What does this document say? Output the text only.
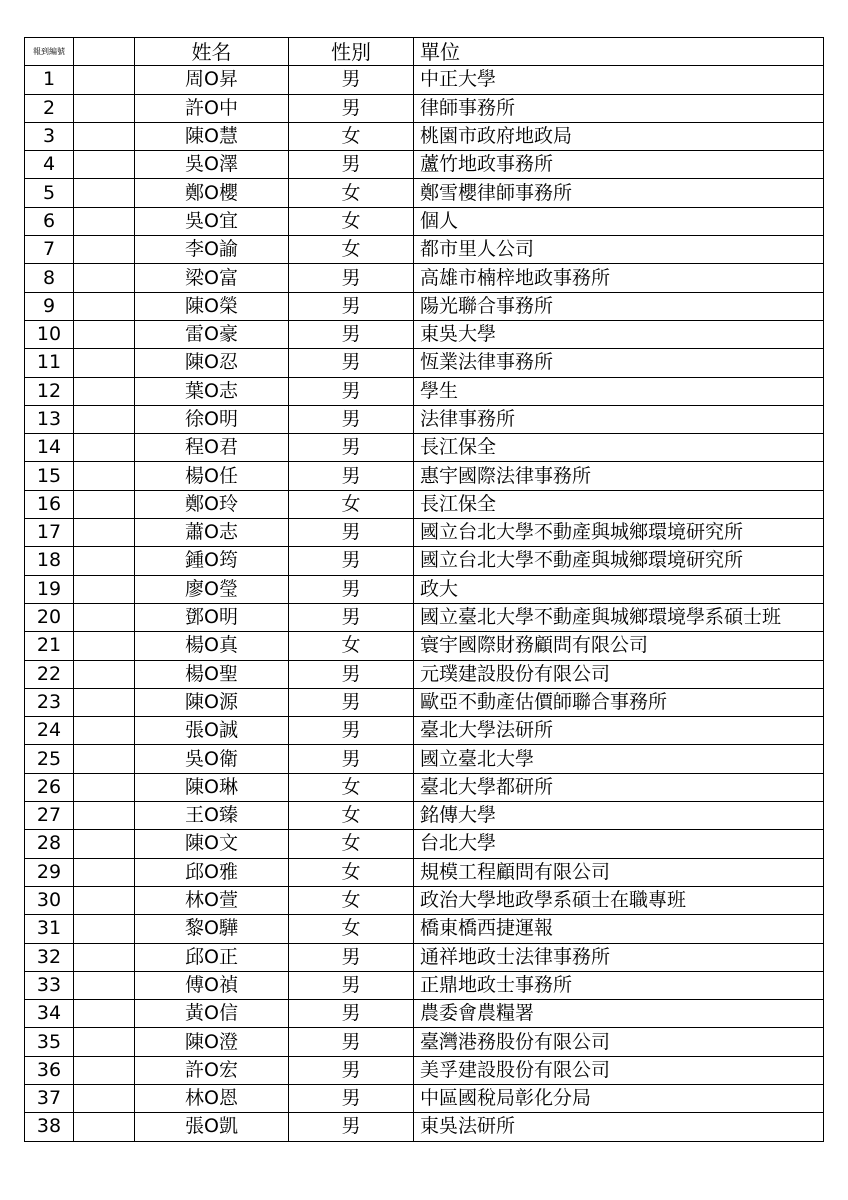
報到編號		姓名	性別	單位
1		周O昇	男	中正大學
2		許O中	男	律師事務所
3		陳O慧	女	桃園市政府地政局
4		吳O澤	男	蘆竹地政事務所
5		鄭O櫻	女	鄭雪櫻律師事務所
6		吳O宜	女	個人
7		李O諭	女	都市里人公司
8		梁O富	男	高雄市楠梓地政事務所
9		陳O榮	男	陽光聯合事務所
10		雷O豪	男	東吳大學
11		陳O忍	男	恆業法律事務所
12		葉O志	男	學生
13		徐O明	男	法律事務所
14		程O君	男	長江保全
15		楊O任	男	惠宇國際法律事務所
16		鄭O玲	女	長江保全
17		蕭O志	男	國立台北大學不動產與城鄉環境研究所
18		鍾O筠	男	國立台北大學不動產與城鄉環境研究所
19		廖O瑩	男	政大
20		鄧O明	男	國立臺北大學不動產與城鄉環境學系碩士班
21		楊O真	女	寰宇國際財務顧問有限公司
22		楊O聖	男	元璞建設股份有限公司
23		陳O源	男	歐亞不動產估價師聯合事務所
24		張O誠	男	臺北大學法研所
25		吳O衛	男	國立臺北大學
26		陳O琳	女	臺北大學都研所
27		王O臻	女	銘傳大學
28		陳O文	女	台北大學
29		邱O雅	女	規模工程顧問有限公司
30		林O萱	女	政治大學地政學系碩士在職專班
31		黎O驊	女	橋東橋西捷運報
32		邱O正	男	通祥地政士法律事務所
33		傅O禎	男	正鼎地政士事務所
34		黃O信	男	農委會農糧署
35		陳O澄	男	臺灣港務股份有限公司
36		許O宏	男	美孚建設股份有限公司
37		林O恩	男	中區國稅局彰化分局
38		張O凱	男	東吳法研所
